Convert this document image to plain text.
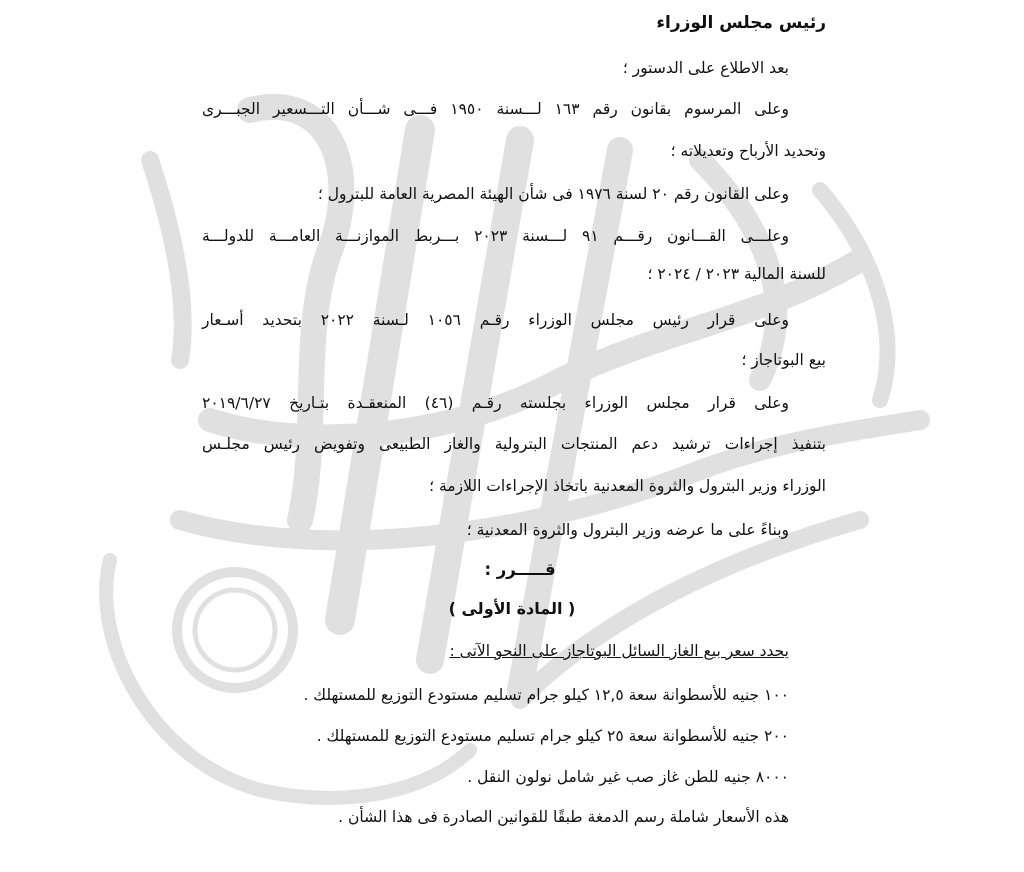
رئيس مجلس الوزراء
بعد الاطلاع على الدستور ؛
وعلى المرسوم بقانون رقم ١٦٣ لـــسنة ١٩٥٠ فـــى شـــأن التـــسعير الجبـــرى
وتحديد الأرباح وتعديلاته ؛
وعلى القانون رقم ٢٠ لسنة ١٩٧٦ فى شأن الهيئة المصرية العامة للبترول ؛
وعلـــى القـــانون رقـــم ٩١ لـــسنة ٢٠٢٣ بـــربط الموازنـــة العامـــة للدولـــة
للسنة المالية ٢٠٢٣ / ٢٠٢٤ ؛
وعلى قرار رئيس مجلس الوزراء رقـم ١٠٥٦ لـسنة ٢٠٢٢ بتحديد أسـعار
بيع البوتاجاز ؛
وعلى قرار مجلس الوزراء بجلسته رقـم (٤٦) المنعقـدة بتـاريخ ٢٠١٩/٦/٢٧
بتنفيذ إجراءات ترشيد دعم المنتجات البترولية والغاز الطبيعى وتفويض رئيس مجلـس
الوزراء وزير البترول والثروة المعدنية باتخاذ الإجراءات اللازمة ؛
وبناءً على ما عرضه وزير البترول والثروة المعدنية ؛
قـــــرر :
( المادة الأولى )
يحدد سعر بيع الغاز السائل البوتاجاز على النحو الآتى :
١٠٠ جنيه للأسطوانة سعة ١٢,٥ كيلو جرام تسليم مستودع التوزيع للمستهلك .
٢٠٠ جنيه للأسطوانة سعة ٢٥ كيلو جرام تسليم مستودع التوزيع للمستهلك .
٨٠٠٠ جنيه للطن غاز صب غير شامل نولون النقل .
هذه الأسعار شاملة رسم الدمغة طبقًا للقوانين الصادرة فى هذا الشأن .
